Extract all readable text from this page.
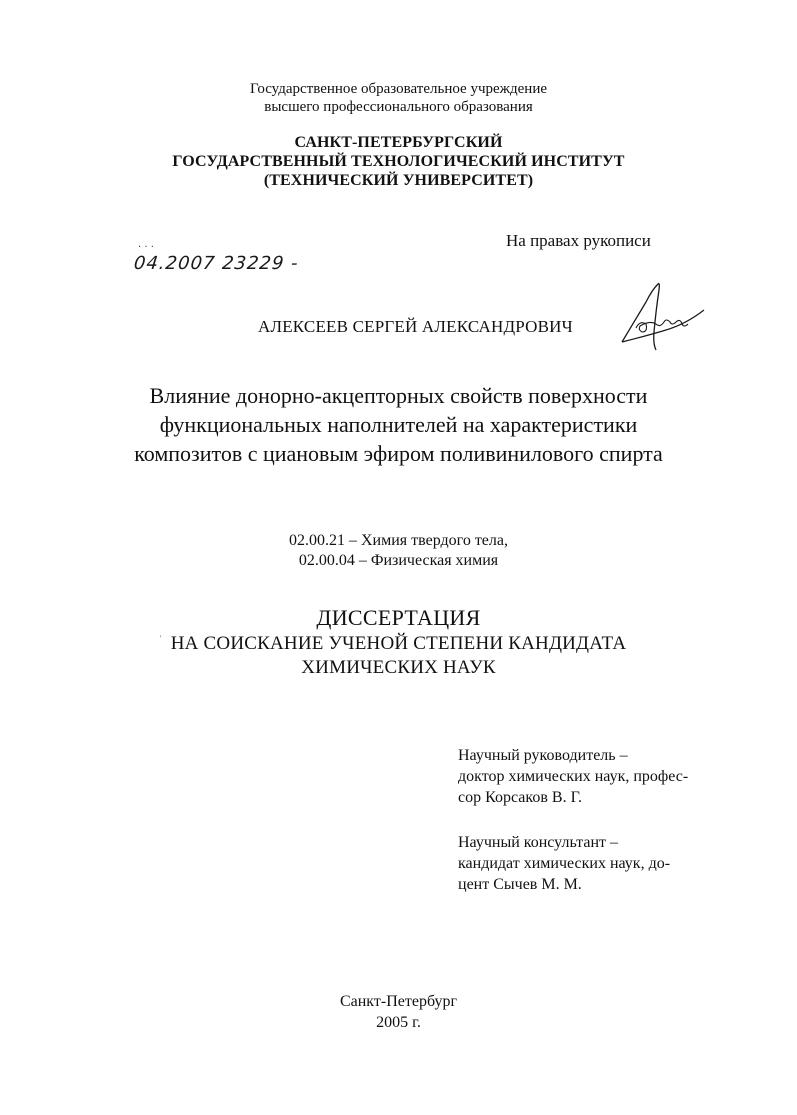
Государственное образовательное учреждение
высшего профессионального образования
САНКТ-ПЕТЕРБУРГСКИЙ
ГОСУДАРСТВЕННЫЙ ТЕХНОЛОГИЧЕСКИЙ ИНСТИТУТ
(ТЕХНИЧЕСКИЙ УНИВЕРСИТЕТ)
На правах рукописи
· · ·
04.2007 23229 -
АЛЕКСЕЕВ СЕРГЕЙ АЛЕКСАНДРОВИЧ
Влияние донорно-акцепторных свойств поверхности
функциональных наполнителей на характеристики
композитов с циановым эфиром поливинилового спирта
02.00.21 – Химия твердого тела,
02.00.04 – Физическая химия
ДИССЕРТАЦИЯ
' НА СОИСКАНИЕ УЧЕНОЙ СТЕПЕНИ КАНДИДАТА
ХИМИЧЕСКИХ НАУК
Научный руководитель –
доктор химических наук, профес-
сор Корсаков В. Г.
Научный консультант –
кандидат химических наук, до-
цент Сычев М. М.
Санкт-Петербург
2005 г.
